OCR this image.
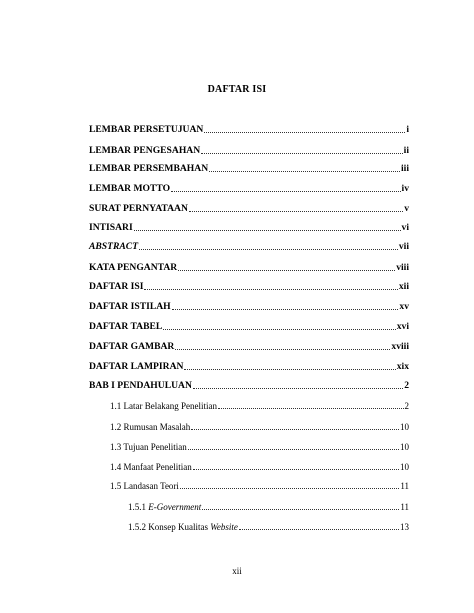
DAFTAR ISI
LEMBAR PERSETUJUAN	i
LEMBAR PENGESAHAN	ii
LEMBAR PERSEMBAHAN	iii
LEMBAR MOTTO	iv
SURAT PERNYATAAN	v
INTISARI	vi
ABSTRACT	vii
KATA PENGANTAR	viii
DAFTAR ISI	xii
DAFTAR ISTILAH	xv
DAFTAR TABEL	xvi
DAFTAR GAMBAR	xviii
DAFTAR LAMPIRAN	xix
BAB I PENDAHULUAN	2
1.1 Latar Belakang Penelitian	2
1.2 Rumusan Masalah	10
1.3 Tujuan Penelitian	10
1.4 Manfaat Penelitian	10
1.5 Landasan Teori	11
1.5.1 E-Government	11
1.5.2 Konsep Kualitas Website	13
xii
